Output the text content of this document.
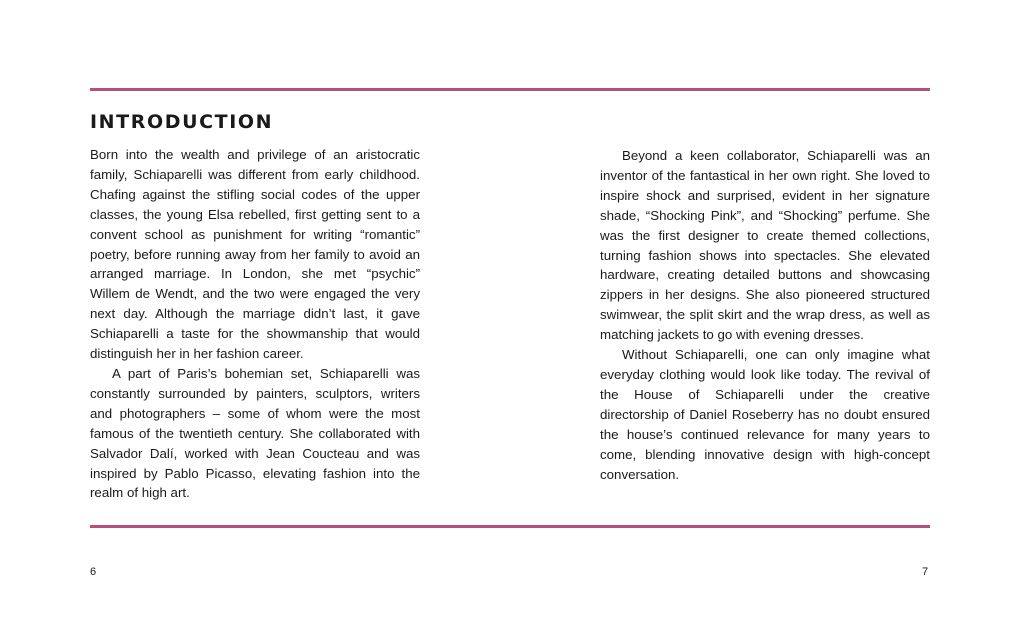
INTRODUCTION

Born into the wealth and privilege of an aristocratic family, Schiaparelli was different from early childhood. Chafing against the stifling social codes of the upper classes, the young Elsa rebelled, first getting sent to a convent school as punishment for writing “romantic” poetry, before running away from her family to avoid an arranged marriage. In London, she met “psychic” Willem de Wendt, and the two were engaged the very next day. Although the marriage didn’t last, it gave Schiaparelli a taste for the showmanship that would distinguish her in her fashion career.

A part of Paris’s bohemian set, Schiaparelli was constantly surrounded by painters, sculptors, writers and photographers – some of whom were the most famous of the twentieth century. She collaborated with Salvador Dalí, worked with Jean Coucteau and was inspired by Pablo Picasso, elevating fashion into the realm of high art.

Beyond a keen collaborator, Schiaparelli was an inventor of the fantastical in her own right. She loved to inspire shock and surprised, evident in her signature shade, “Shocking Pink”, and “Shocking” perfume. She was the first designer to create themed collections, turning fashion shows into spectacles. She elevated hardware, creating detailed buttons and showcasing zippers in her designs. She also pioneered structured swimwear, the split skirt and the wrap dress, as well as matching jackets to go with evening dresses.

Without Schiaparelli, one can only imagine what everyday clothing would look like today. The revival of the House of Schiaparelli under the creative directorship of Daniel Roseberry has no doubt ensured the house’s continued relevance for many years to come, blending innovative design with high-concept conversation.

6	7
